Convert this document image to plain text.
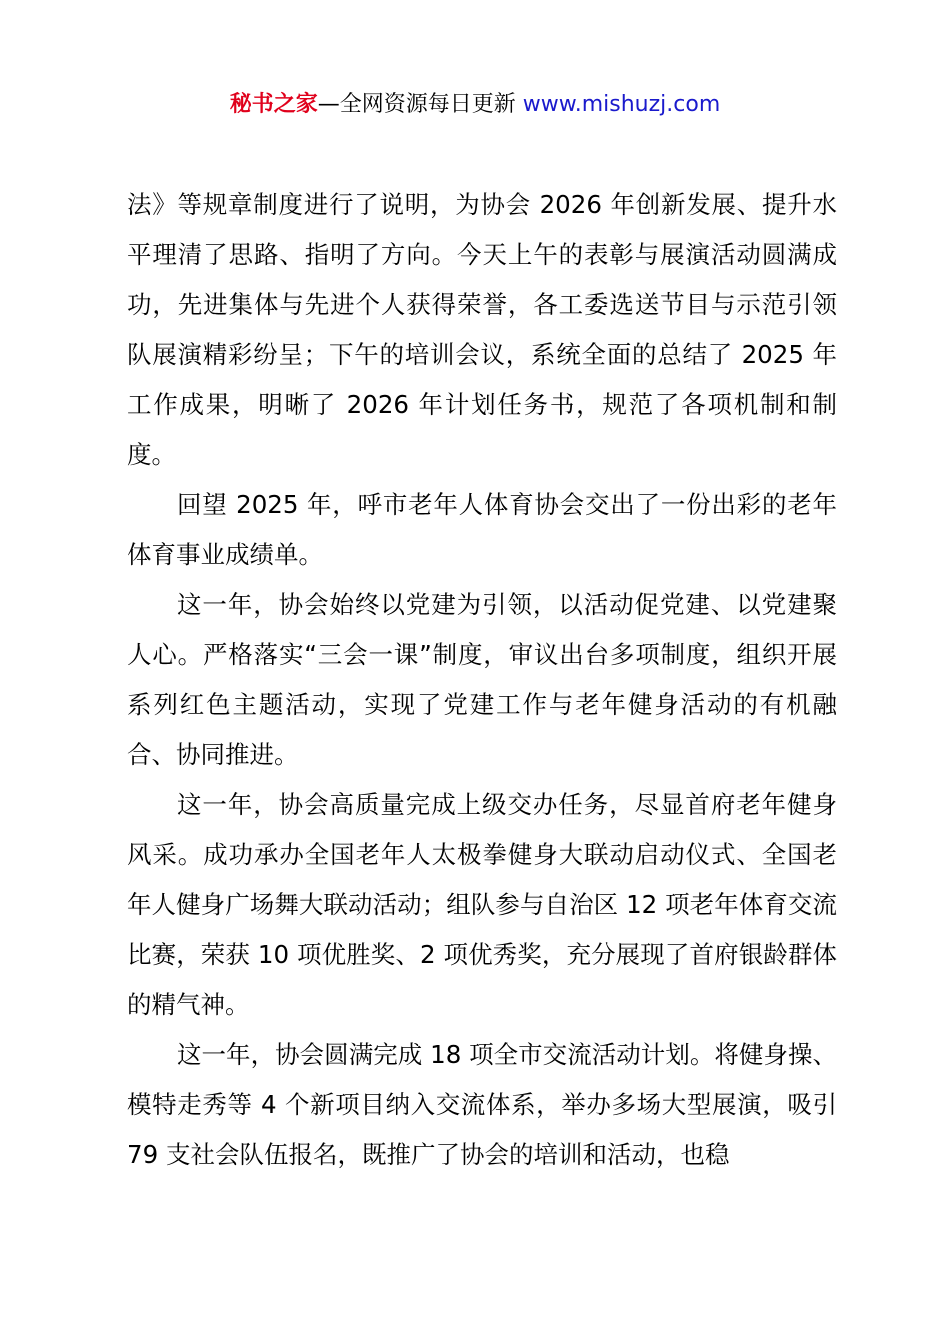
秘书之家—全网资源每日更新 www.mishuzj.com

法》等规章制度进行了说明，为协会 2026 年创新发展、提升水平理清了思路、指明了方向。今天上午的表彰与展演活动圆满成功，先进集体与先进个人获得荣誉，各工委选送节目与示范引领队展演精彩纷呈；下午的培训会议，系统全面的总结了 2025 年工作成果，明晰了 2026 年计划任务书，规范了各项机制和制度。

回望 2025 年，呼市老年人体育协会交出了一份出彩的老年体育事业成绩单。

这一年，协会始终以党建为引领，以活动促党建、以党建聚人心。严格落实“三会一课”制度，审议出台多项制度，组织开展系列红色主题活动，实现了党建工作与老年健身活动的有机融合、协同推进。

这一年，协会高质量完成上级交办任务，尽显首府老年健身风采。成功承办全国老年人太极拳健身大联动启动仪式、全国老年人健身广场舞大联动活动；组队参与自治区 12 项老年体育交流比赛，荣获 10 项优胜奖、2 项优秀奖，充分展现了首府银龄群体的精气神。

这一年，协会圆满完成 18 项全市交流活动计划。将健身操、模特走秀等 4 个新项目纳入交流体系，举办多场大型展演，吸引 79 支社会队伍报名，既推广了协会的培训和活动，也稳
